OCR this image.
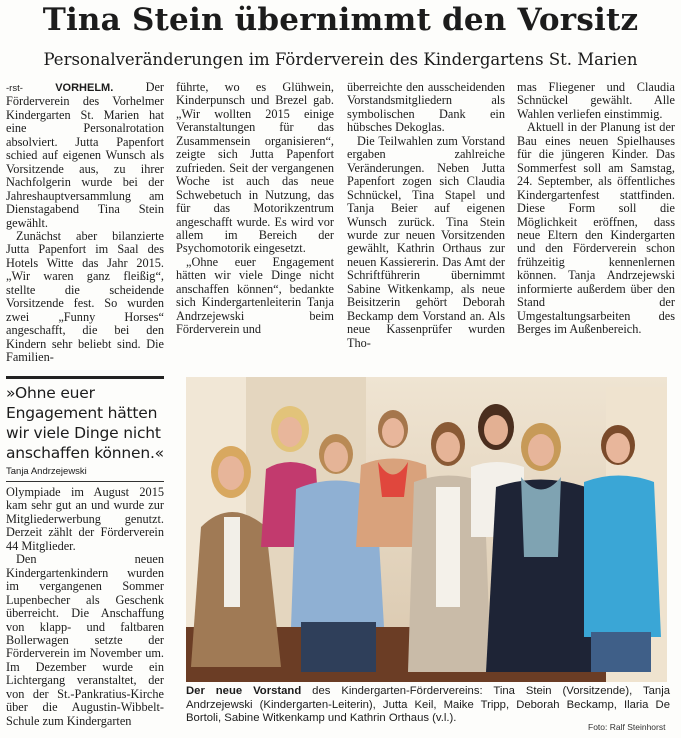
Tina Stein übernimmt den Vorsitz
Personalveränderungen im Förderverein des Kindergartens St. Marien

-rst-	VORHELM.	Der Förderverein des Vorhelmer Kindergarten St. Marien hat eine Personalrotation absolviert. Jutta Papenfort schied auf eigenen Wunsch als Vorsitzende aus, zu ihrer Nachfolgerin wurde bei der Jahreshauptversammlung am Dienstagabend Tina Stein gewählt.

Zunächst aber bilanzierte Jutta Papenfort im Saal des Hotels Witte das Jahr 2015. „Wir waren ganz fleißig“, stellte die scheidende Vorsitzende fest. So wurden zwei „Funny Horses“ angeschafft, die bei den Kindern sehr beliebt sind. Die Familien-

führte, wo es Glühwein, Kinderpunsch und Brezel gab. „Wir wollten 2015 einige Veranstaltungen für das Zusammensein organisieren“, zeigte sich Jutta Papenfort zufrieden. Seit der vergangenen Woche ist auch das neue Schwebetuch in Nutzung, das für das Motorikzentrum angeschafft wurde. Es wird vor allem im Bereich der Psychomotorik eingesetzt.

„Ohne euer Engagement hätten wir viele Dinge nicht anschaffen können“, bedankte sich Kindergartenleiterin Tanja Andrzejewski beim Förderverein und

überreichte den ausscheidenden Vorstandsmitgliedern als symbolischen Dank ein hübsches Dekoglas.

Die Teilwahlen zum Vorstand ergaben zahlreiche Veränderungen. Neben Jutta Papenfort zogen sich Claudia Schnückel, Tina Stapel und Tanja Beier auf eigenen Wunsch zurück. Tina Stein wurde zur neuen Vorsitzenden gewählt, Kathrin Orthaus zur neuen Kassiererin. Das Amt der Schriftführerin übernimmt Sabine Witkenkamp, als neue Beisitzerin gehört Deborah Beckamp dem Vorstand an. Als neue Kassenprüfer wurden Tho-

mas Fliegener und Claudia Schnückel gewählt. Alle Wahlen verliefen einstimmig.

Aktuell in der Planung ist der Bau eines neuen Spielhauses für die jüngeren Kinder. Das Sommerfest soll am Samstag, 24. September, als öffentliches Kindergartenfest stattfinden. Diese Form soll die Möglichkeit eröffnen, dass neue Eltern den Kindergarten und den Förderverein schon frühzeitig kennenlernen können. Tanja Andrzejewski informierte außerdem über den Stand der Umgestaltungsarbeiten des Berges im Außenbereich.

»Ohne euer Engagement hätten wir viele Dinge nicht anschaffen können.«
Tanja Andrzejewski

Olympiade im August 2015 kam sehr gut an und wurde zur Mitgliederwerbung genutzt. Derzeit zählt der Förderverein 44 Mitglieder.

Den neuen Kindergartenkindern wurden im vergangenen Sommer Lupenbecher als Geschenk überreicht. Die Anschaffung von klapp- und faltbaren Bollerwagen setzte der Förderverein im November um. Im Dezember wurde ein Lichtergang veranstaltet, der von der St.-Pankratius-Kirche über die Augustin-Wibbelt-Schule zum Kindergarten

Der neue Vorstand des Kindergarten-Fördervereins: Tina Stein (Vorsitzende), Tanja Andrzejewski (Kindergarten-Leiterin), Jutta Keil, Maike Tripp, Deborah Beckamp, Ilaria De Bortoli, Sabine Witkenkamp und Kathrin Orthaus (v.l.).
Foto: Ralf Steinhorst
